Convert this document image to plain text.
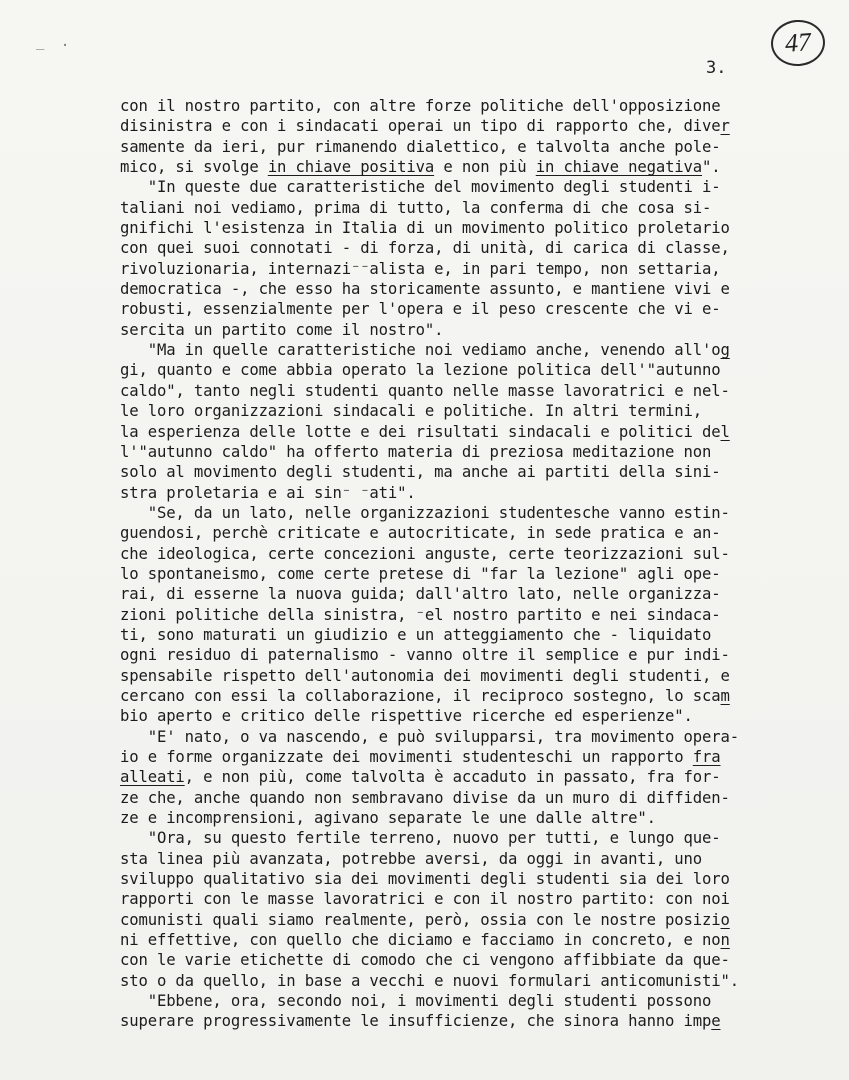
_ .	47
3.
con il nostro partito, con altre forze politiche dell'opposizione
disinistra e con i sindacati operai un tipo di rapporto che, diver
samente da ieri, pur rimanendo dialettico, e talvolta anche pole-
mico, si svolge in chiave positiva e non più in chiave negativa".
"In queste due caratteristiche del movimento degli studenti i-
taliani noi vediamo, prima di tutto, la conferma di che cosa si-
gnifichi l'esistenza in Italia di un movimento politico proletario
con quei suoi connotati - di forza, di unità, di carica di classe,
rivoluzionaria, internazi⁻⁻alista e, in pari tempo, non settaria,
democratica -, che esso ha storicamente assunto, e mantiene vivi e
robusti, essenzialmente per l'opera e il peso crescente che vi e-
sercita un partito come il nostro".
"Ma in quelle caratteristiche noi vediamo anche, venendo all'og
gi, quanto e come abbia operato la lezione politica dell'"autunno
caldo", tanto negli studenti quanto nelle masse lavoratrici e nel-
le loro organizzazioni sindacali e politiche. In altri termini,
la esperienza delle lotte e dei risultati sindacali e politici del
l'"autunno caldo" ha offerto materia di preziosa meditazione non
solo al movimento degli studenti, ma anche ai partiti della sini-
stra proletaria e ai sin⁻ ⁻ati".
"Se, da un lato, nelle organizzazioni studentesche vanno estin-
guendosi, perchè criticate e autocriticate, in sede pratica e an-
che ideologica, certe concezioni anguste, certe teorizzazioni sul-
lo spontaneismo, come certe pretese di "far la lezione" agli ope-
rai, di esserne la nuova guida; dall'altro lato, nelle organizza-
zioni politiche della sinistra, ⁻el nostro partito e nei sindaca-
ti, sono maturati un giudizio e un atteggiamento che - liquidato
ogni residuo di paternalismo - vanno oltre il semplice e pur indi-
spensabile rispetto dell'autonomia dei movimenti degli studenti, e
cercano con essi la collaborazione, il reciproco sostegno, lo scam
bio aperto e critico delle rispettive ricerche ed esperienze".
"E' nato, o va nascendo, e può svilupparsi, tra movimento opera-
io e forme organizzate dei movimenti studenteschi un rapporto fra
alleati, e non più, come talvolta è accaduto in passato, fra for-
ze che, anche quando non sembravano divise da un muro di diffiden-
ze e incomprensioni, agivano separate le une dalle altre".
"Ora, su questo fertile terreno, nuovo per tutti, e lungo que-
sta linea più avanzata, potrebbe aversi, da oggi in avanti, uno
sviluppo qualitativo sia dei movimenti degli studenti sia dei loro
rapporti con le masse lavoratrici e con il nostro partito: con noi
comunisti quali siamo realmente, però, ossia con le nostre posizio
ni effettive, con quello che diciamo e facciamo in concreto, e non
con le varie etichette di comodo che ci vengono affibbiate da que-
sto o da quello, in base a vecchi e nuovi formulari anticomunisti".
"Ebbene, ora, secondo noi, i movimenti degli studenti possono
superare progressivamente le insufficienze, che sinora hanno impe
